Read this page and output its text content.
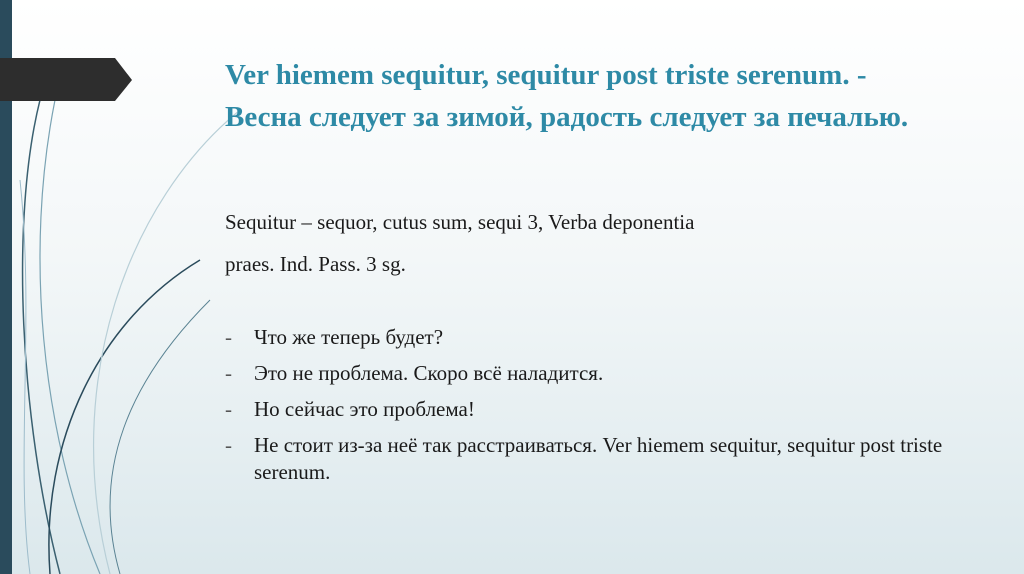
Ver hiemem sequitur, sequitur post triste serenum. - Весна следует за зимой, радость следует за печалью.

Sequitur – sequor, cutus sum, sequi 3, Verba deponentia

praes. Ind. Pass. 3 sg.

- Что же теперь будет?
- Это не проблема. Скоро всё наладится.
- Но сейчас это проблема!
- Не стоит из-за неё так расстраиваться. Ver hiemem sequitur, sequitur post triste serenum.
